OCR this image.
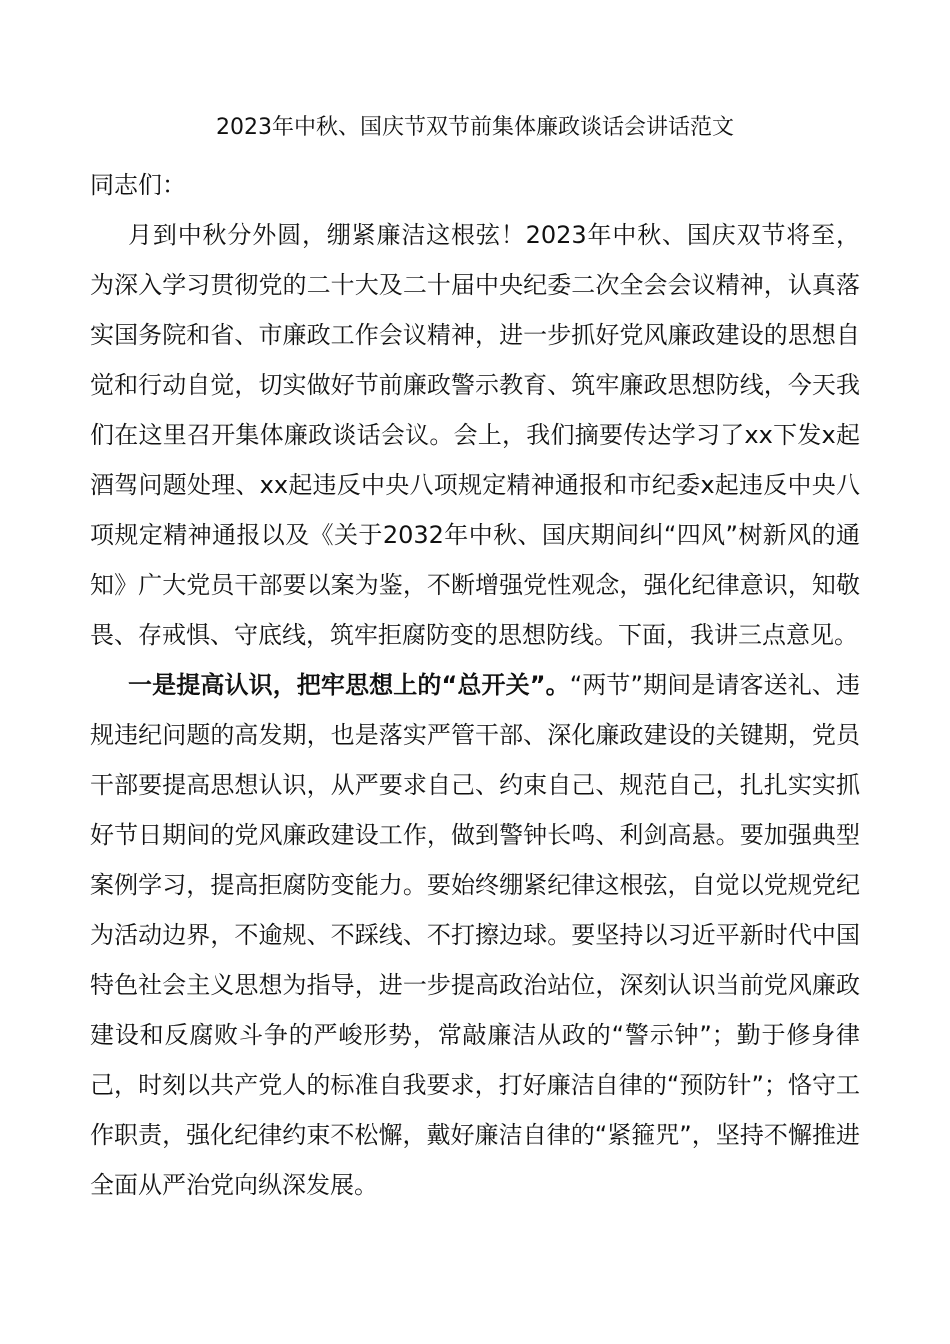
2023年中秋、国庆节双节前集体廉政谈话会讲话范文

同志们：

月到中秋分外圆，绷紧廉洁这根弦！2023年中秋、国庆双节将至，为深入学习贯彻党的二十大及二十届中央纪委二次全会会议精神，认真落实国务院和省、市廉政工作会议精神，进一步抓好党风廉政建设的思想自觉和行动自觉，切实做好节前廉政警示教育、筑牢廉政思想防线，今天我们在这里召开集体廉政谈话会议。会上，我们摘要传达学习了xx下发x起酒驾问题处理、xx起违反中央八项规定精神通报和市纪委x起违反中央八项规定精神通报以及《关于2032年中秋、国庆期间纠“四风”树新风的通知》广大党员干部要以案为鉴，不断增强党性观念，强化纪律意识，知敬畏、存戒惧、守底线，筑牢拒腐防变的思想防线。下面，我讲三点意见。

一是提高认识，把牢思想上的“总开关”。“两节”期间是请客送礼、违规违纪问题的高发期，也是落实严管干部、深化廉政建设的关键期，党员干部要提高思想认识，从严要求自己、约束自己、规范自己，扎扎实实抓好节日期间的党风廉政建设工作，做到警钟长鸣、利剑高悬。要加强典型案例学习，提高拒腐防变能力。要始终绷紧纪律这根弦，自觉以党规党纪为活动边界，不逾规、不踩线、不打擦边球。要坚持以习近平新时代中国特色社会主义思想为指导，进一步提高政治站位，深刻认识当前党风廉政建设和反腐败斗争的严峻形势，常敲廉洁从政的“警示钟”；勤于修身律己，时刻以共产党人的标准自我要求，打好廉洁自律的“预防针”；恪守工作职责，强化纪律约束不松懈，戴好廉洁自律的“紧箍咒”，坚持不懈推进全面从严治党向纵深发展。
